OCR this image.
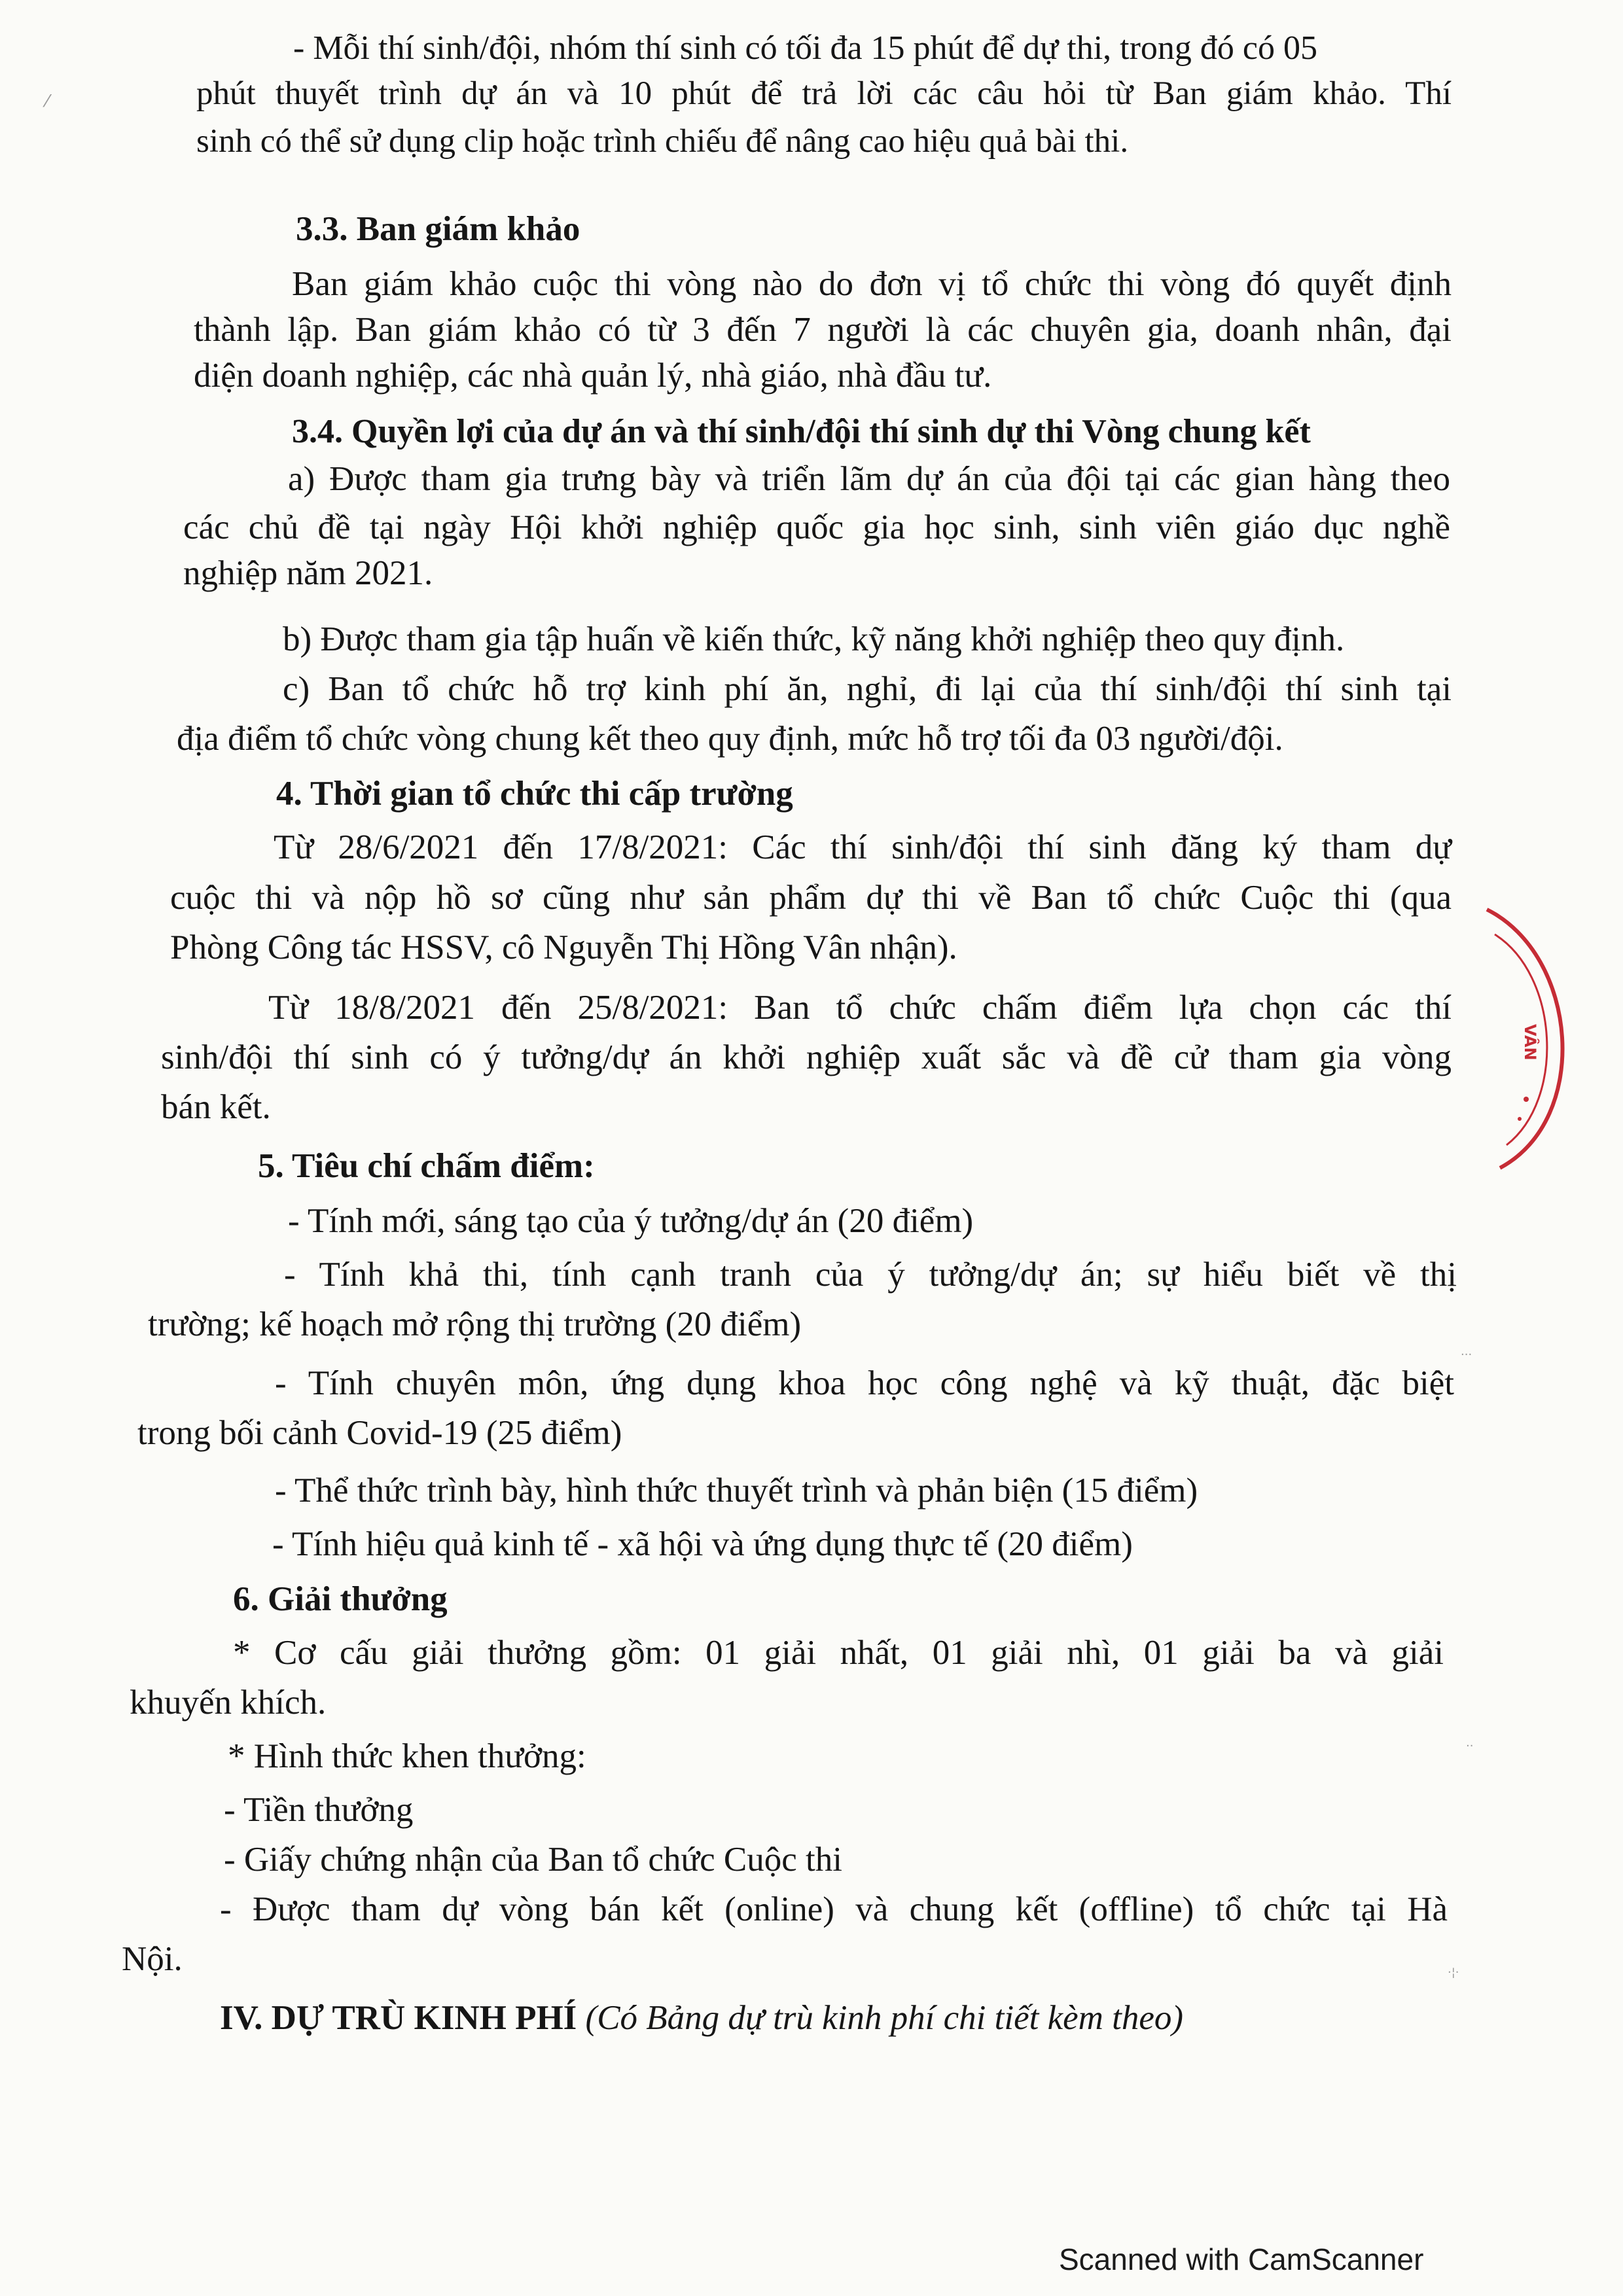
- Mỗi thí sinh/đội, nhóm thí sinh có tối đa 15 phút để dự thi, trong đó có 05

phút thuyết trình dự án và 10 phút để trả lời các câu hỏi từ Ban giám khảo. Thí

sinh có thể sử dụng clip hoặc trình chiếu để nâng cao hiệu quả bài thi.

3.3. Ban giám khảo

Ban giám khảo cuộc thi vòng nào do đơn vị tổ chức thi vòng đó quyết định

thành lập. Ban giám khảo có từ 3 đến 7 người là các chuyên gia, doanh nhân, đại

diện doanh nghiệp, các nhà quản lý, nhà giáo, nhà đầu tư.

3.4. Quyền lợi của dự án và thí sinh/đội thí sinh dự thi Vòng chung kết

a) Được tham gia trưng bày và triển lãm dự án của đội tại các gian hàng theo

các chủ đề tại ngày Hội khởi nghiệp quốc gia học sinh, sinh viên giáo dục nghề

nghiệp năm 2021.

b) Được tham gia tập huấn về kiến thức, kỹ năng khởi nghiệp theo quy định.

c) Ban tổ chức hỗ trợ kinh phí ăn, nghỉ, đi lại của thí sinh/đội thí sinh tại

địa điểm tổ chức vòng chung kết theo quy định, mức hỗ trợ tối đa 03 người/đội.

4. Thời gian tổ chức thi cấp trường

Từ 28/6/2021 đến 17/8/2021: Các thí sinh/đội thí sinh đăng ký tham dự

cuộc thi và nộp hồ sơ cũng như sản phẩm dự thi về Ban tổ chức Cuộc thi (qua

Phòng Công tác HSSV, cô Nguyễn Thị Hồng Vân nhận).

Từ 18/8/2021 đến 25/8/2021: Ban tổ chức chấm điểm lựa chọn các thí

sinh/đội thí sinh có ý tưởng/dự án khởi nghiệp xuất sắc và đề cử tham gia vòng

bán kết.

5. Tiêu chí chấm điểm:

- Tính mới, sáng tạo của ý tưởng/dự án (20 điểm)

- Tính khả thi, tính cạnh tranh của ý tưởng/dự án; sự hiểu biết về thị

trường; kế hoạch mở rộng thị trường (20 điểm)

- Tính chuyên môn, ứng dụng khoa học công nghệ và kỹ thuật, đặc biệt

trong bối cảnh Covid-19 (25 điểm)

- Thể thức trình bày, hình thức thuyết trình và phản biện (15 điểm)

- Tính hiệu quả kinh tế - xã hội và ứng dụng thực tế (20 điểm)

6. Giải thưởng

* Cơ cấu giải thưởng gồm: 01 giải nhất, 01 giải nhì, 01 giải ba và giải

khuyến khích.

* Hình thức khen thưởng:

- Tiền thưởng

- Giấy chứng nhận của Ban tổ chức Cuộc thi

- Được tham dự vòng bán kết (online) và chung kết (offline) tổ chức tại Hà

Nội.

IV. DỰ TRÙ KINH PHÍ (Có Bảng dự trù kinh phí chi tiết kèm theo)

VÂN
⁄
···
··
·¦·
Scanned with CamScanner
